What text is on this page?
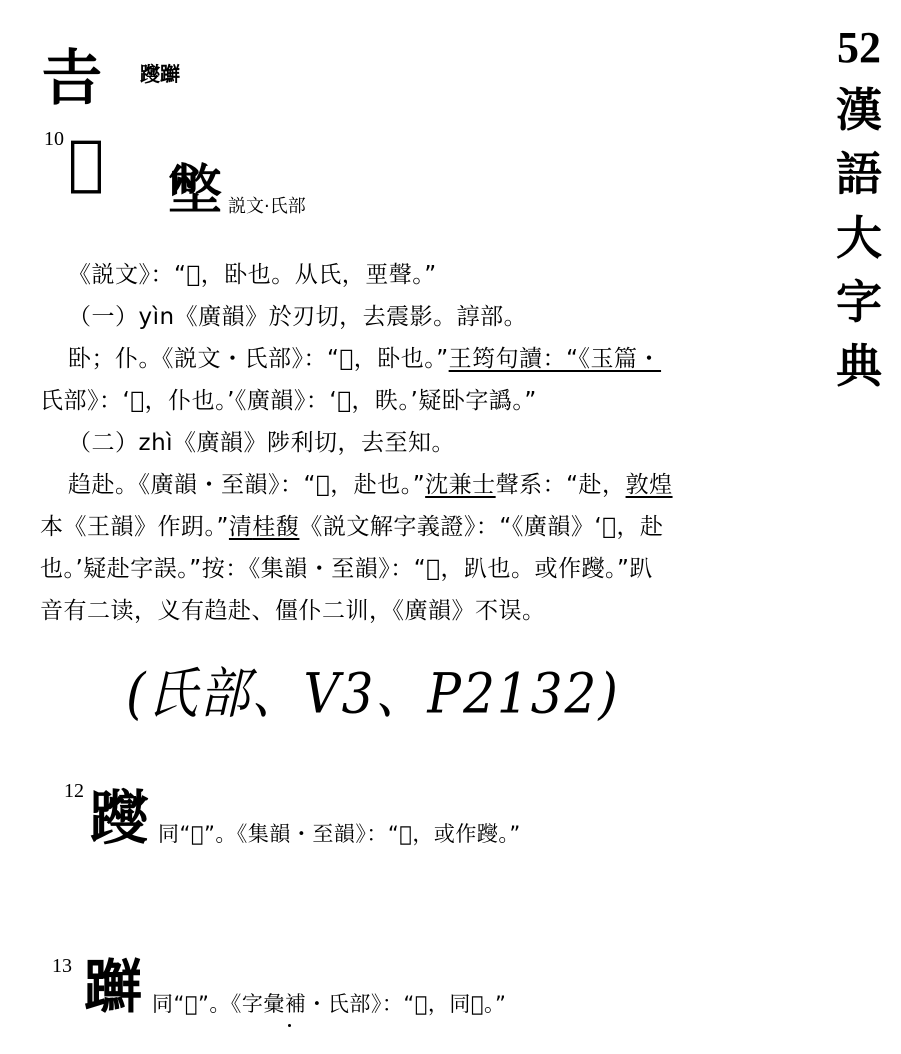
52
漢
語
大
字
典
𠮷 躞𨇤
10 𣱵 𡐞 説文·氏部
《説文》：“𣱵，卧也。从氏，垔聲。”
（一）yìn《廣韻》於刃切，去震影。諄部。
卧；仆。《説文・氏部》：“𣱵，卧也。”王筠句讀：“《玉篇・
氏部》：‘𣱵，仆也。’《廣韻》：‘𣱵，眣。’疑卧字譌。”
（二）zhì《廣韻》陟利切，去至知。
趋赴。《廣韻・至韻》：“𣱵，赴也。”沈兼士聲系：“赴，敦煌
本《王韻》作跀。”清桂馥《説文解字義證》：“《廣韻》‘𣱵，赴
也。’疑赴字誤。”按：《集韻・至韻》：“𣱵，趴也。或作躞。”趴
音有二读，义有趋赴、僵仆二训，《廣韻》不误。
(氏部、V3、P2132)
12 躞 同“𣱵”。《集韻・至韻》：“𣱵，或作躞。”
13 𨇤 同“𣱵”。《字彙補・氏部》：“𨇤，同𣱵。”
